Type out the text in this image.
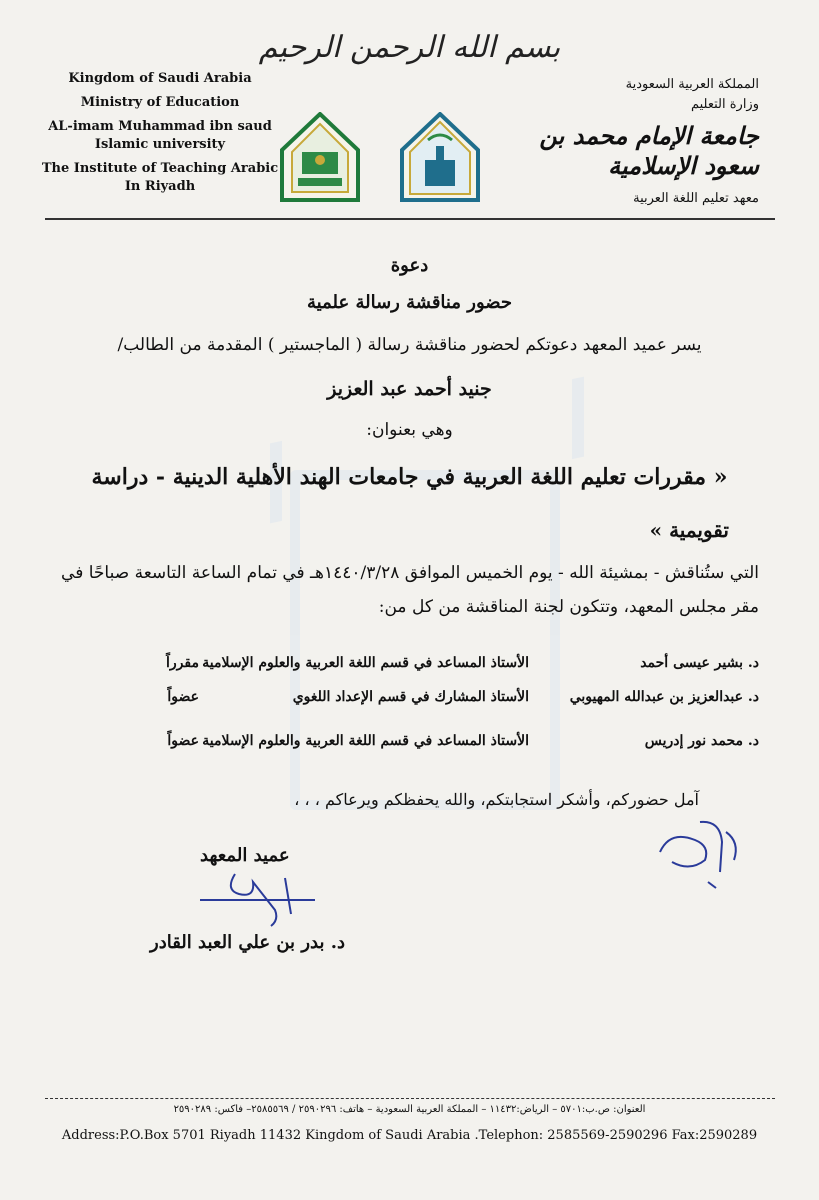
بسم الله الرحمن الرحيم
Kingdom of Saudi Arabia
Ministry of Education
AL-imam Muhammad ibn saud Islamic university
The Institute of Teaching Arabic In Riyadh
المملكة العربية السعودية
وزارة التعليم
جامعة الإمام محمد بن سعود الإسلامية
معهد تعليم اللغة العربية
دعوة
حضور مناقشة رسالة علمية
يسر عميد المعهد دعوتكم لحضور مناقشة رسالة ( الماجستير ) المقدمة من الطالب/
جنيد أحمد عبد العزيز
وهي بعنوان:
« مقررات تعليم اللغة العربية في جامعات الهند الأهلية الدينية - دراسة
تقويمية »
التي ستُناقش - بمشيئة الله - يوم الخميس الموافق ١٤٤٠/٣/٢٨هـ في تمام الساعة التاسعة صباحًا في مقر مجلس المعهد، وتتكون لجنة المناقشة من كل من:
د. بشير عيسى أحمد
الأستاذ المساعد في قسم اللغة العربية والعلوم الإسلامية
مقرراً
د. عبدالعزيز بن عبدالله المهيوبي
الأستاذ المشارك في قسم الإعداد اللغوي
عضواً
د. محمد نور إدريس
الأستاذ المساعد في قسم اللغة العربية والعلوم الإسلامية
عضواً
آمل حضوركم، وأشكر استجابتكم، والله يحفظكم ويرعاكم ، ، ،
عميد المعهد
د. بدر بن علي العبد القادر
العنوان: ص.ب:٥٧٠١ – الرياض:١١٤٣٢ – المملكة العربية السعودية – هاتف: ٢٥٩٠٢٩٦ / ٢٥٨٥٥٦٩– فاكس: ٢٥٩٠٢٨٩
Address:P.O.Box 5701 Riyadh 11432 Kingdom of Saudi Arabia .Telephon: 2585569-2590296 Fax:2590289
